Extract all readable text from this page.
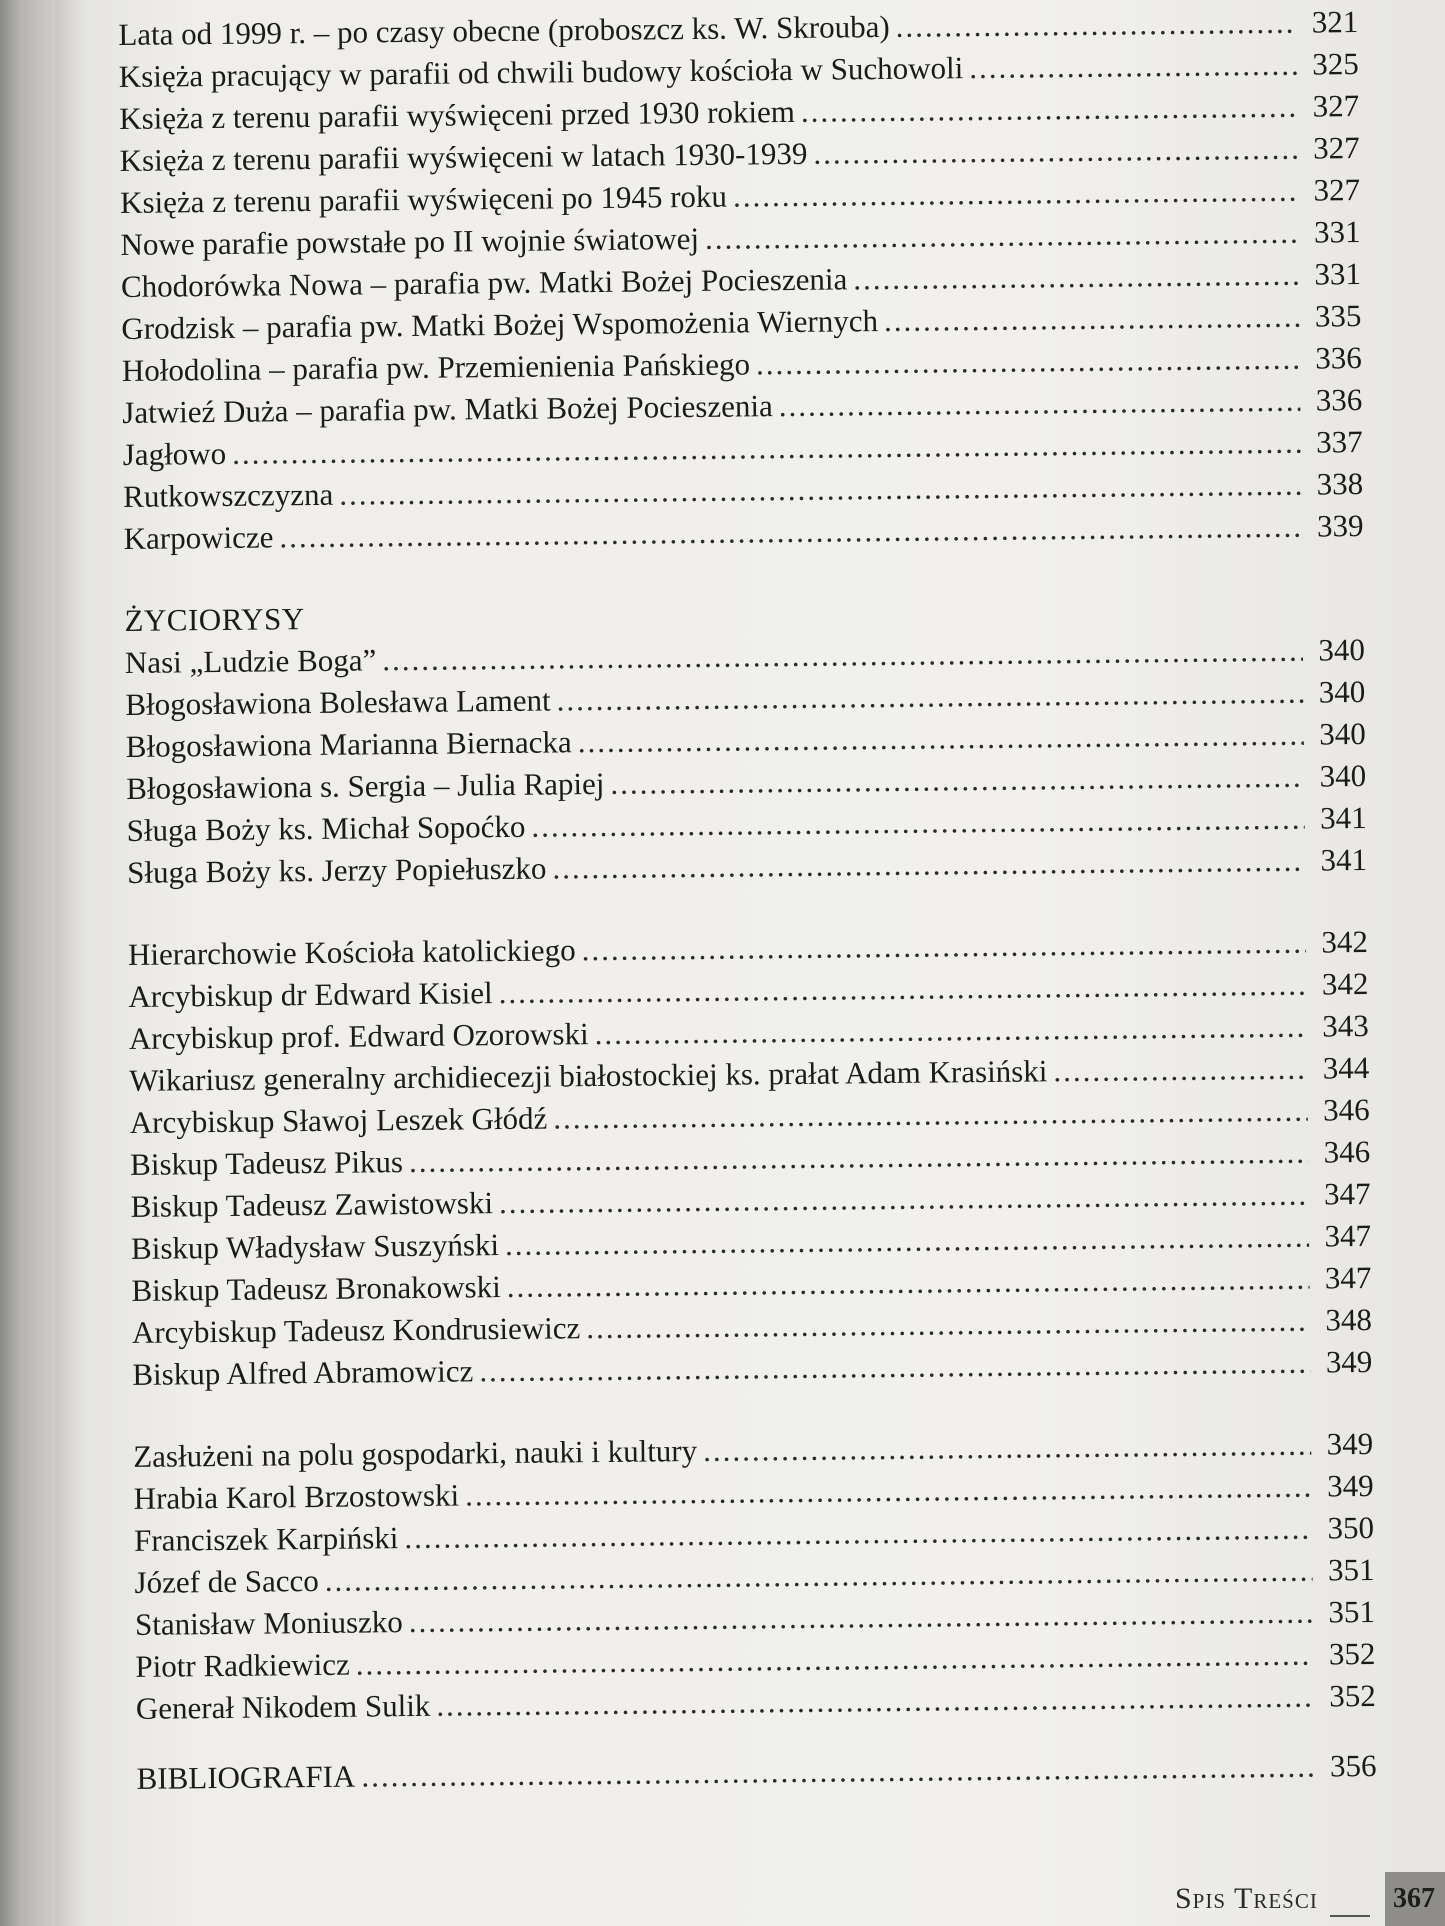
Lata od 1999 r. – po czasy obecne (proboszcz ks. W. Skrouba) .....	321
Księża pracujący w parafii od chwili budowy kościoła w Suchowoli .....	325
Księża z terenu parafii wyświęceni przed 1930 rokiem .....	327
Księża z terenu parafii wyświęceni w latach 1930-1939 .....	327
Księża z terenu parafii wyświęceni po 1945 roku .....	327
Nowe parafie powstałe po II wojnie światowej .....	331
Chodorówka Nowa – parafia pw. Matki Bożej Pocieszenia .....	331
Grodzisk – parafia pw. Matki Bożej Wspomożenia Wiernych .....	335
Hołodolina – parafia pw. Przemienienia Pańskiego .....	336
Jatwieź Duża – parafia pw. Matki Bożej Pocieszenia .....	336
Jagłowo .....	337
Rutkowszczyzna .....	338
Karpowicze .....	339
ŻYCIORYSY
Nasi „Ludzie Boga” .....	340
Błogosławiona Bolesława Lament .....	340
Błogosławiona Marianna Biernacka .....	340
Błogosławiona s. Sergia – Julia Rapiej .....	340
Sługa Boży ks. Michał Sopoćko .....	341
Sługa Boży ks. Jerzy Popiełuszko .....	341
Hierarchowie Kościoła katolickiego .....	342
Arcybiskup dr Edward Kisiel .....	342
Arcybiskup prof. Edward Ozorowski .....	343
Wikariusz generalny archidiecezji białostockiej ks. prałat Adam Krasiński .....	344
Arcybiskup Sławoj Leszek Głódź .....	346
Biskup Tadeusz Pikus .....	346
Biskup Tadeusz Zawistowski .....	347
Biskup Władysław Suszyński .....	347
Biskup Tadeusz Bronakowski .....	347
Arcybiskup Tadeusz Kondrusiewicz .....	348
Biskup Alfred Abramowicz .....	349
Zasłużeni na polu gospodarki, nauki i kultury .....	349
Hrabia Karol Brzostowski .....	349
Franciszek Karpiński .....	350
Józef de Sacco .....	351
Stanisław Moniuszko .....	351
Piotr Radkiewicz .....	352
Generał Nikodem Sulik .....	352
BIBLIOGRAFIA .....	356
Spis Treści	367
